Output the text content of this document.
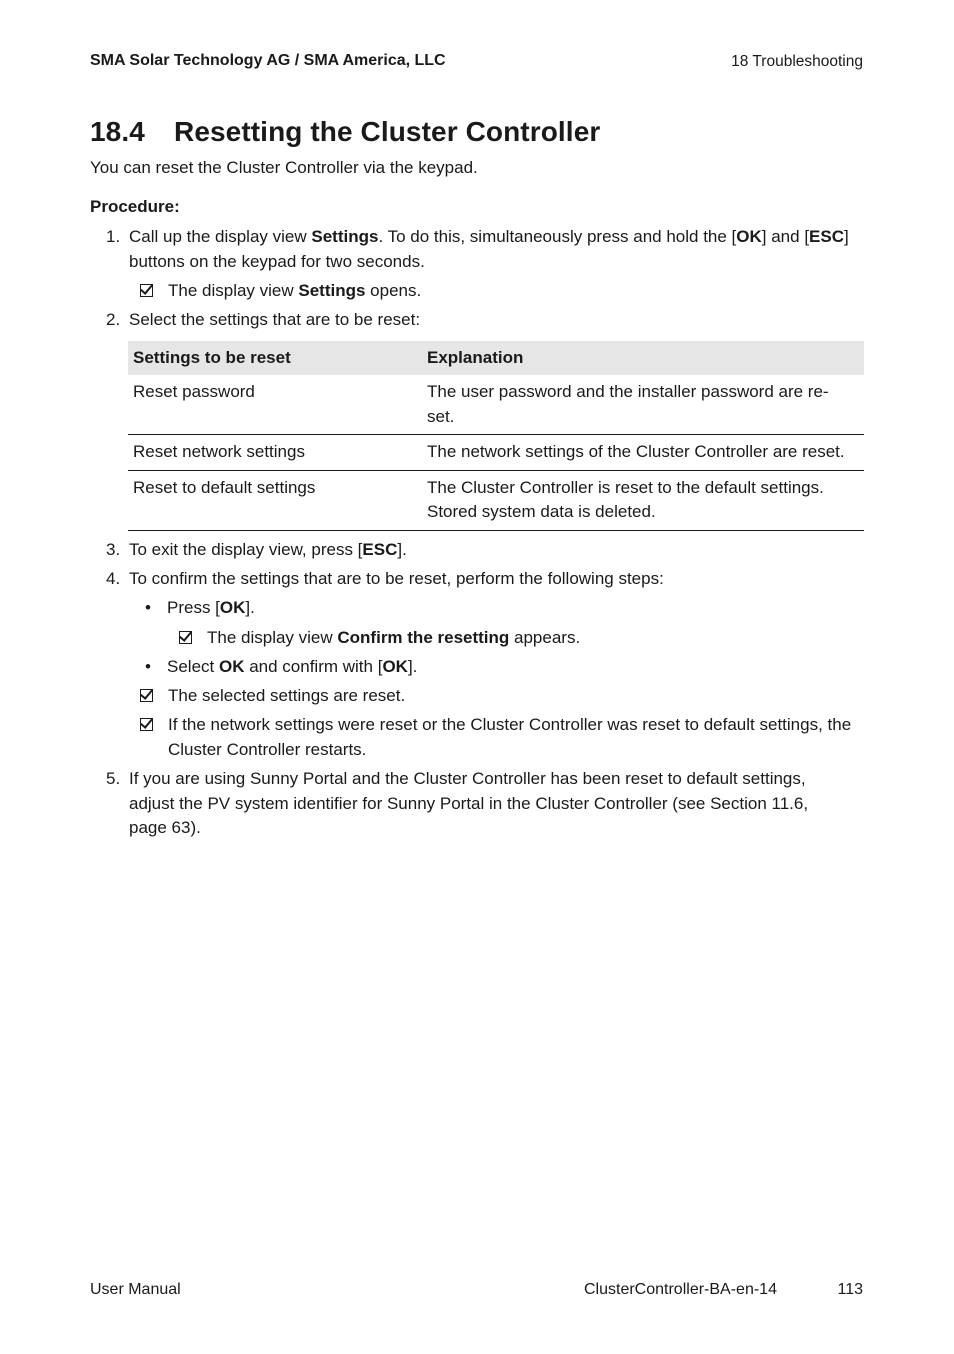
SMA Solar Technology AG / SMA America, LLC	18 Troubleshooting
18.4 Resetting the Cluster Controller
You can reset the Cluster Controller via the keypad.
Procedure:
1. Call up the display view Settings. To do this, simultaneously press and hold the [OK] and [ESC] buttons on the keypad for two seconds.
The display view Settings opens.
2. Select the settings that are to be reset:
Settings to be reset	Explanation
Reset password	The user password and the installer password are re-set.
Reset network settings	The network settings of the Cluster Controller are reset.
Reset to default settings	The Cluster Controller is reset to the default settings. Stored system data is deleted.
3. To exit the display view, press [ESC].
4. To confirm the settings that are to be reset, perform the following steps:
• Press [OK].
The display view Confirm the resetting appears.
• Select OK and confirm with [OK].
The selected settings are reset.
If the network settings were reset or the Cluster Controller was reset to default settings, the Cluster Controller restarts.
5. If you are using Sunny Portal and the Cluster Controller has been reset to default settings, adjust the PV system identifier for Sunny Portal in the Cluster Controller (see Section 11.6, page 63).
User Manual	ClusterController-BA-en-14	113
